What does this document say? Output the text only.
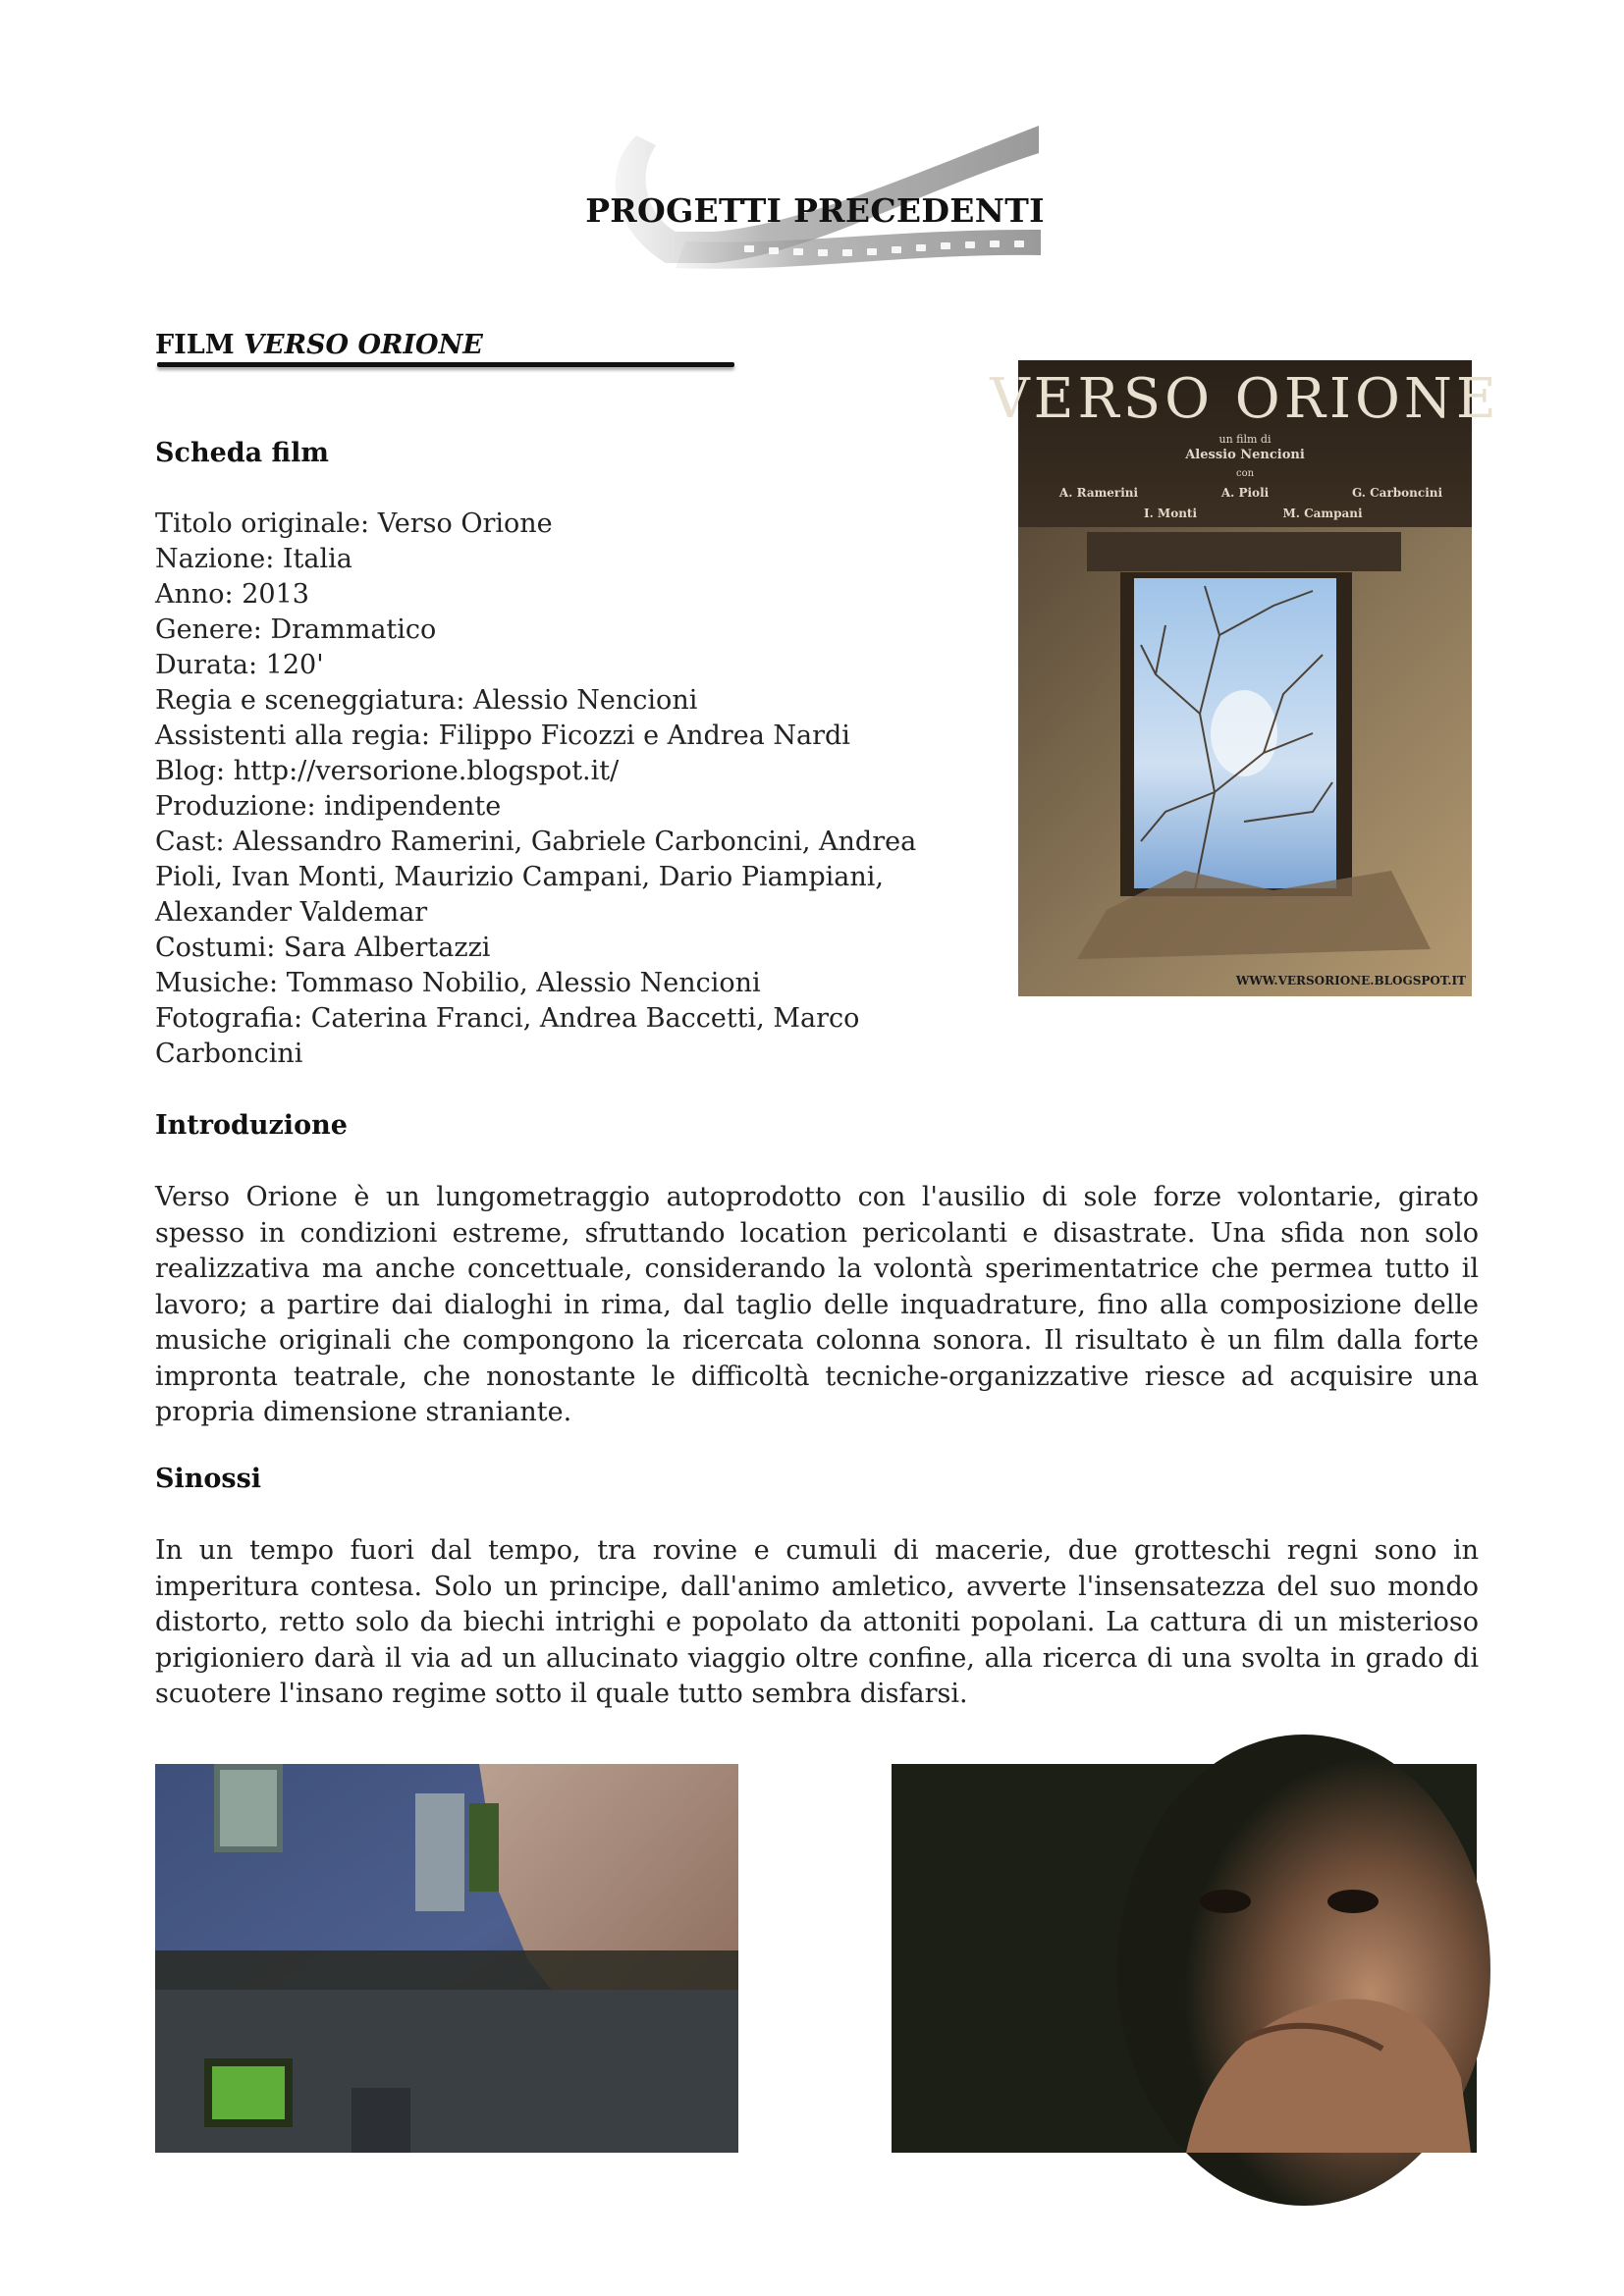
PROGETTI PRECEDENTI
FILM VERSO ORIONE
Scheda film
Titolo originale: Verso Orione
Nazione: Italia
Anno: 2013
Genere: Drammatico
Durata: 120'
Regia e sceneggiatura: Alessio Nencioni
Assistenti alla regia: Filippo Ficozzi e Andrea Nardi
Blog: http://versorione.blogspot.it/
Produzione: indipendente
Cast: Alessandro Ramerini, Gabriele Carboncini, Andrea Pioli, Ivan Monti, Maurizio Campani, Dario Piampiani, Alexander Valdemar
Costumi: Sara Albertazzi
Musiche: Tommaso Nobilio, Alessio Nencioni
Fotografia: Caterina Franci, Andrea Baccetti, Marco Carboncini
VERSO ORIONE
un film di
Alessio Nencioni
con
A. Ramerini	A. Pioli	G. Carboncini
I. Monti	M. Campani
WWW.VERSORIONE.BLOGSPOT.IT
Introduzione
Verso Orione è un lungometraggio autoprodotto con l'ausilio di sole forze volontarie, girato spesso in condizioni estreme, sfruttando location pericolanti e disastrate. Una sfida non solo realizzativa ma anche concettuale, considerando la volontà sperimentatrice che permea tutto il lavoro; a partire dai dialoghi in rima, dal taglio delle inquadrature, fino alla composizione delle musiche originali che compongono la ricercata colonna sonora. Il risultato è un film dalla forte impronta teatrale, che nonostante le difficoltà tecniche-organizzative riesce ad acquisire una propria dimensione straniante.
Sinossi
In un tempo fuori dal tempo, tra rovine e cumuli di macerie, due grotteschi regni sono in imperitura contesa. Solo un principe, dall'animo amletico, avverte l'insensatezza del suo mondo distorto, retto solo da biechi intrighi e popolato da attoniti popolani. La cattura di un misterioso prigioniero darà il via ad un allucinato viaggio oltre confine, alla ricerca di una svolta in grado di scuotere l'insano regime sotto il quale tutto sembra disfarsi.
